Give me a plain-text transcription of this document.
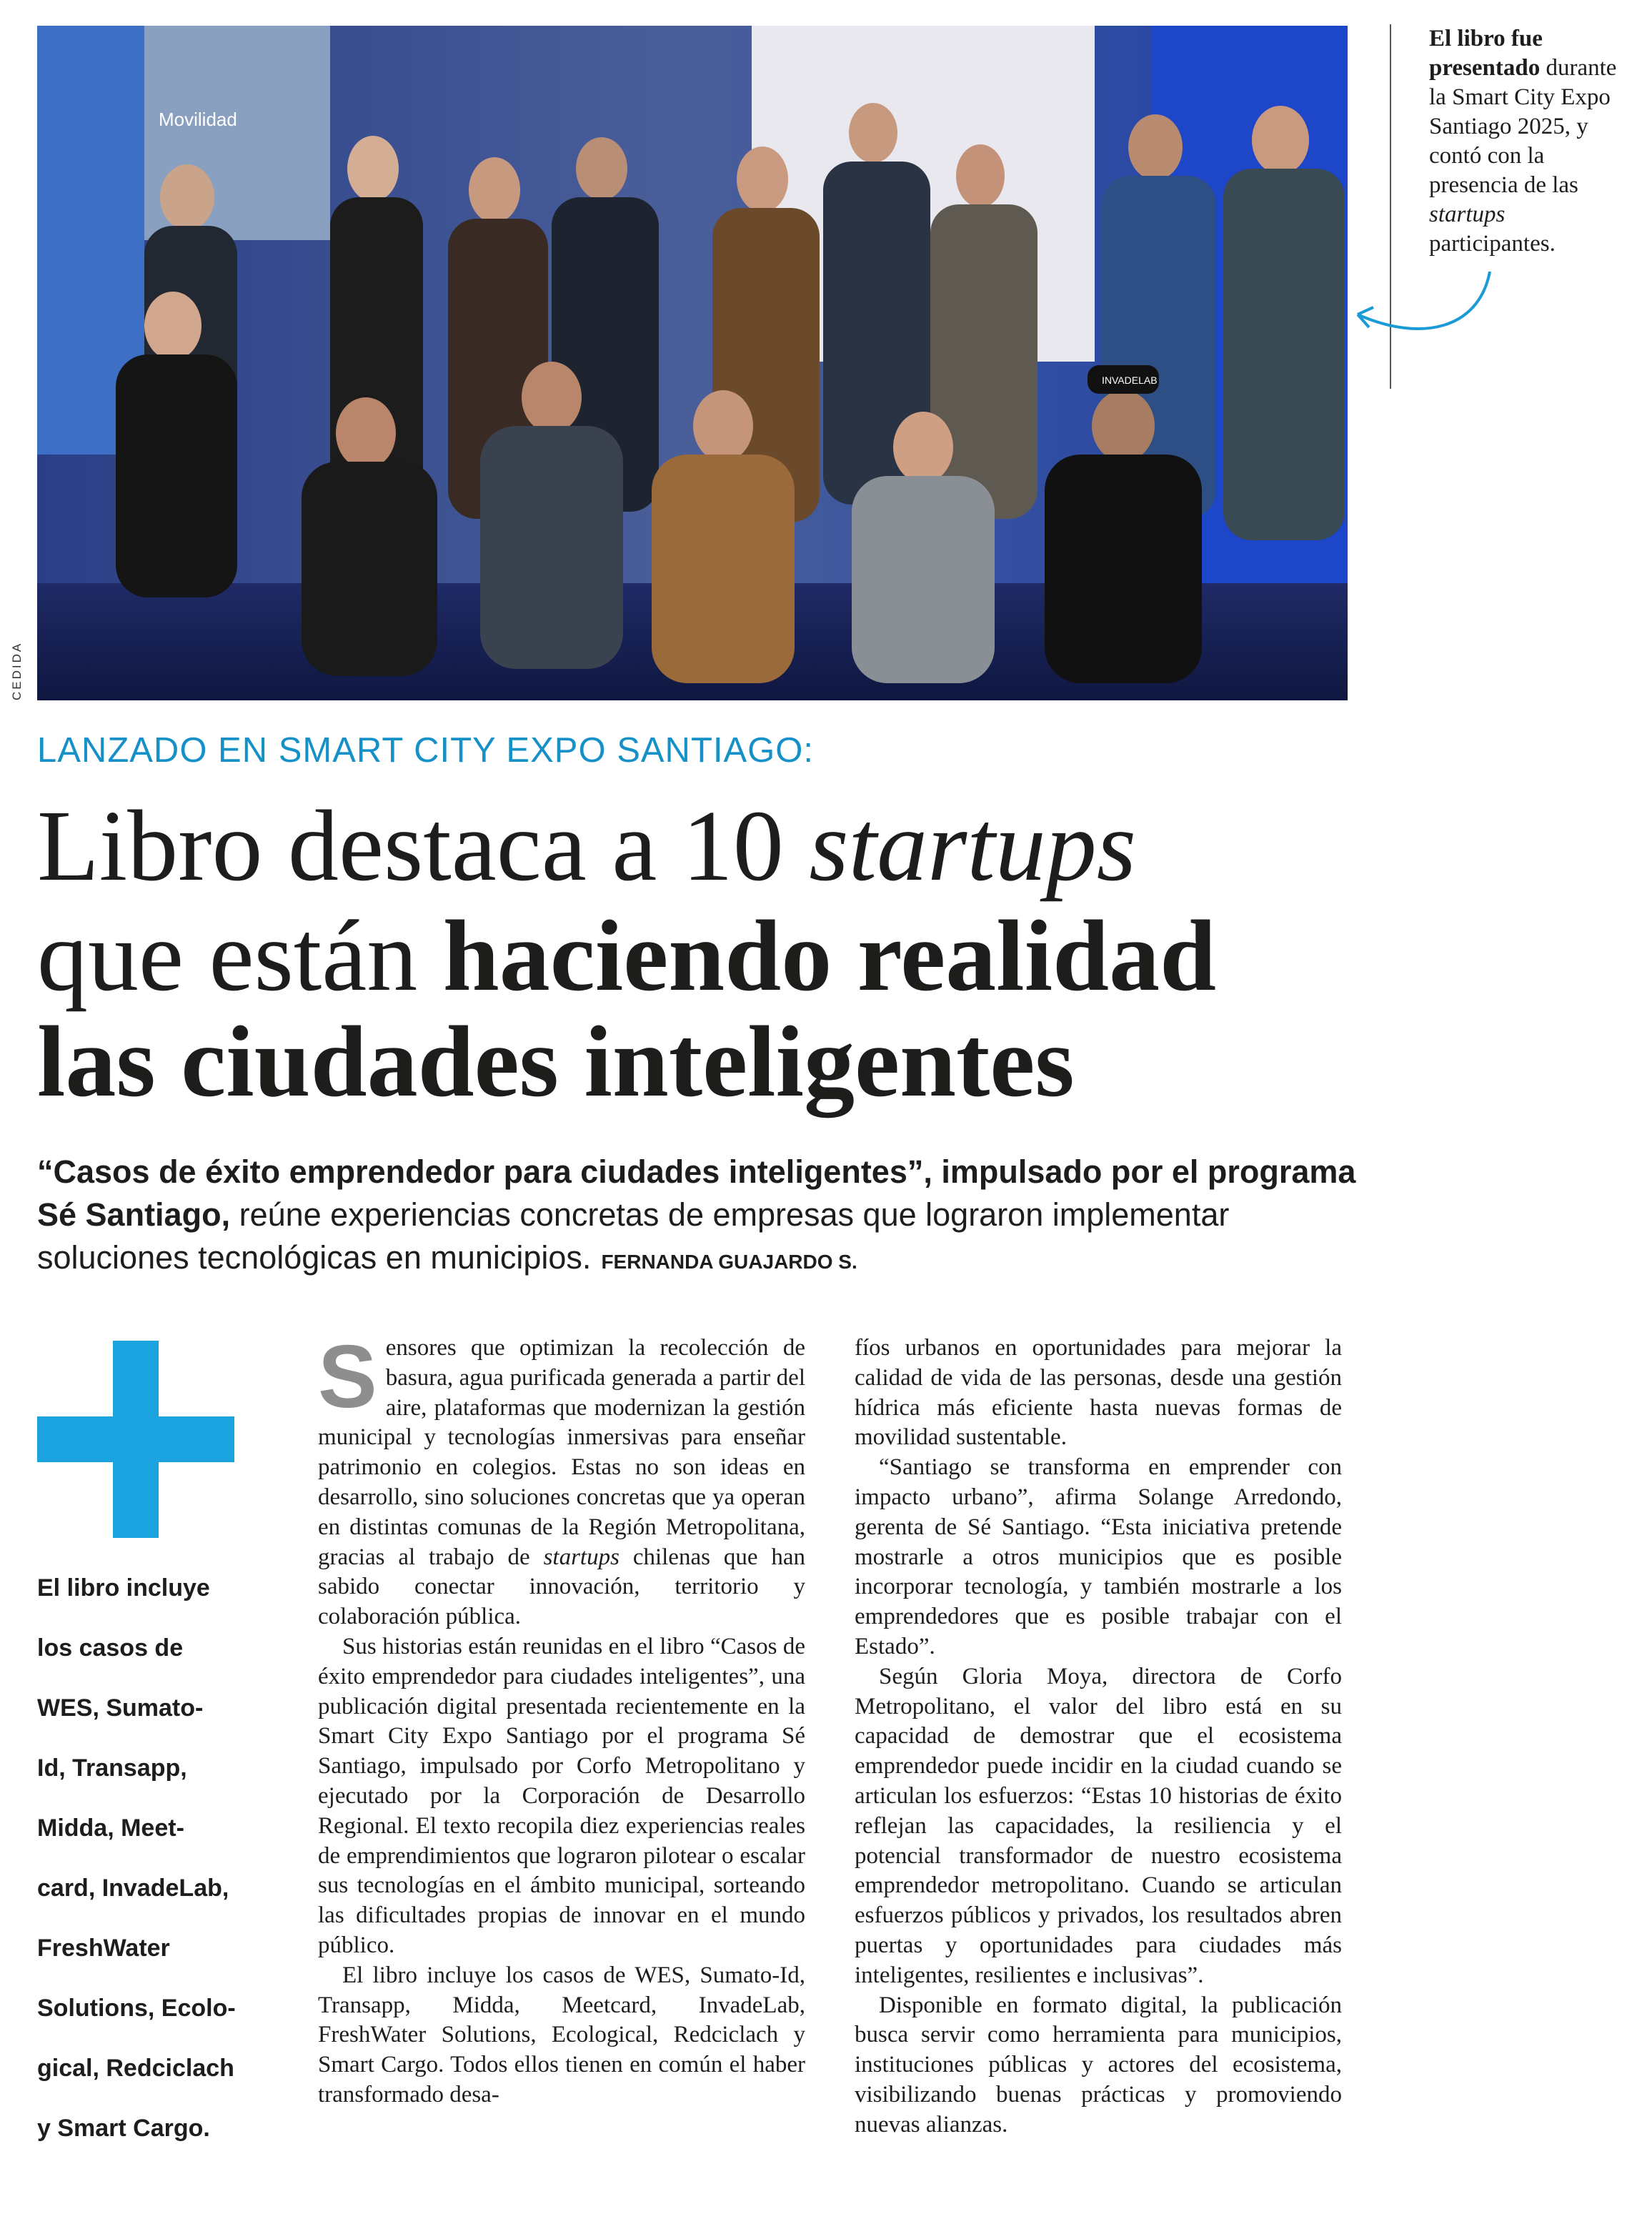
Movilidad
INVADELAB
CEDIDA
El libro fue presentado durante la Smart City Expo Santiago 2025, y contó con la presencia de las startups participantes.
LANZADO EN SMART CITY EXPO SANTIAGO:
Libro destaca a 10 startups
que están haciendo realidad
las ciudades inteligentes
“Casos de éxito emprendedor para ciudades inteligentes”, impulsado por el programa Sé Santiago, reúne experiencias concretas de empresas que lograron implementar soluciones tecnológicas en municipios. FERNANDA GUAJARDO S.
El libro incluye
los casos de
WES, Sumato-
Id, Transapp,
Midda, Meet-
card, InvadeLab,
FreshWater
Solutions, Ecolo-
gical, Redciclach
y Smart Cargo.

Sensores que optimizan la recolección de basura, agua purificada generada a partir del aire, plataformas que modernizan la gestión municipal y tecnologías inmersivas para enseñar patrimonio en colegios. Estas no son ideas en desarrollo, sino soluciones concretas que ya operan en distintas comunas de la Región Metropolitana, gracias al trabajo de startups chilenas que han sabido conectar innovación, territorio y colaboración pública.

Sus historias están reunidas en el libro “Casos de éxito emprendedor para ciudades inteligentes”, una publicación digital presentada recientemente en la Smart City Expo Santiago por el programa Sé Santiago, impulsado por Corfo Metropolitano y ejecutado por la Corporación de Desarrollo Regional. El texto recopila diez experiencias reales de emprendimientos que lograron pilotear o escalar sus tecnologías en el ámbito municipal, sorteando las dificultades propias de innovar en el mundo público.

El libro incluye los casos de WES, Sumato-Id, Transapp, Midda, Meetcard, InvadeLab, FreshWater Solutions, Ecological, Redciclach y Smart Cargo. Todos ellos tienen en común el haber transformado desa-

fíos urbanos en oportunidades para mejorar la calidad de vida de las personas, desde una gestión hídrica más eficiente hasta nuevas formas de movilidad sustentable.

“Santiago se transforma en emprender con impacto urbano”, afirma Solange Arredondo, gerenta de Sé Santiago. “Esta iniciativa pretende mostrarle a otros municipios que es posible incorporar tecnología, y también mostrarle a los emprendedores que es posible trabajar con el Estado”.

Según Gloria Moya, directora de Corfo Metropolitano, el valor del libro está en su capacidad de demostrar que el ecosistema emprendedor puede incidir en la ciudad cuando se articulan los esfuerzos: “Estas 10 historias de éxito reflejan las capacidades, la resiliencia y el potencial transformador de nuestro ecosistema emprendedor metropolitano. Cuando se articulan esfuerzos públicos y privados, los resultados abren puertas y oportunidades para ciudades más inteligentes, resilientes e inclusivas”.

Disponible en formato digital, la publicación busca servir como herramienta para municipios, instituciones públicas y actores del ecosistema, visibilizando buenas prácticas y promoviendo nuevas alianzas.
